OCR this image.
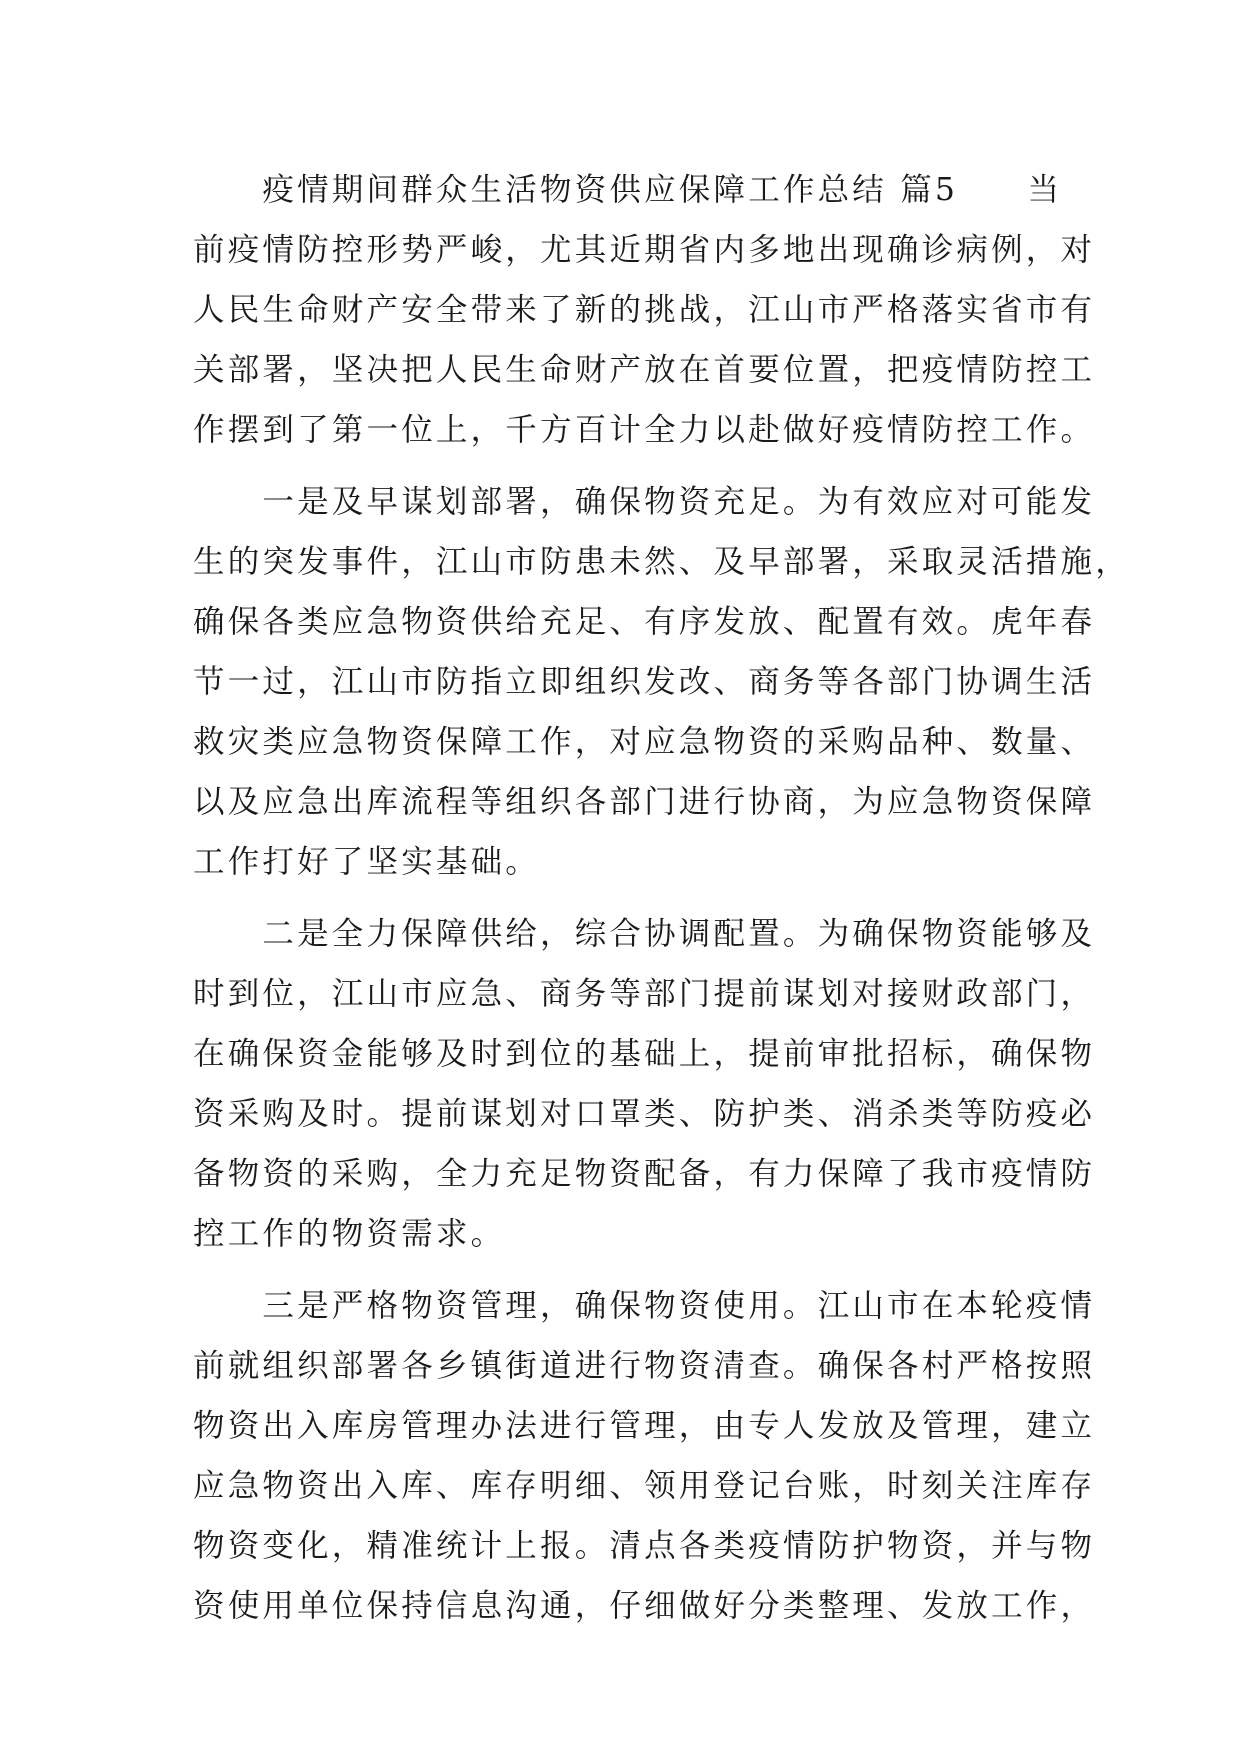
　　疫情期间群众生活物资供应保障工作总结 篇5　　当
前疫情防控形势严峻，尤其近期省内多地出现确诊病例，对
人民生命财产安全带来了新的挑战，江山市严格落实省市有
关部署，坚决把人民生命财产放在首要位置，把疫情防控工
作摆到了第一位上，千方百计全力以赴做好疫情防控工作。
　　一是及早谋划部署，确保物资充足。为有效应对可能发
生的突发事件，江山市防患未然、及早部署，采取灵活措施，
确保各类应急物资供给充足、有序发放、配置有效。虎年春
节一过，江山市防指立即组织发改、商务等各部门协调生活
救灾类应急物资保障工作，对应急物资的采购品种、数量、
以及应急出库流程等组织各部门进行协商，为应急物资保障
工作打好了坚实基础。
　　二是全力保障供给，综合协调配置。为确保物资能够及
时到位，江山市应急、商务等部门提前谋划对接财政部门，
在确保资金能够及时到位的基础上，提前审批招标，确保物
资采购及时。提前谋划对口罩类、防护类、消杀类等防疫必
备物资的采购，全力充足物资配备，有力保障了我市疫情防
控工作的物资需求。
　　三是严格物资管理，确保物资使用。江山市在本轮疫情
前就组织部署各乡镇街道进行物资清查。确保各村严格按照
物资出入库房管理办法进行管理，由专人发放及管理，建立
应急物资出入库、库存明细、领用登记台账，时刻关注库存
物资变化，精准统计上报。清点各类疫情防护物资，并与物
资使用单位保持信息沟通，仔细做好分类整理、发放工作，
